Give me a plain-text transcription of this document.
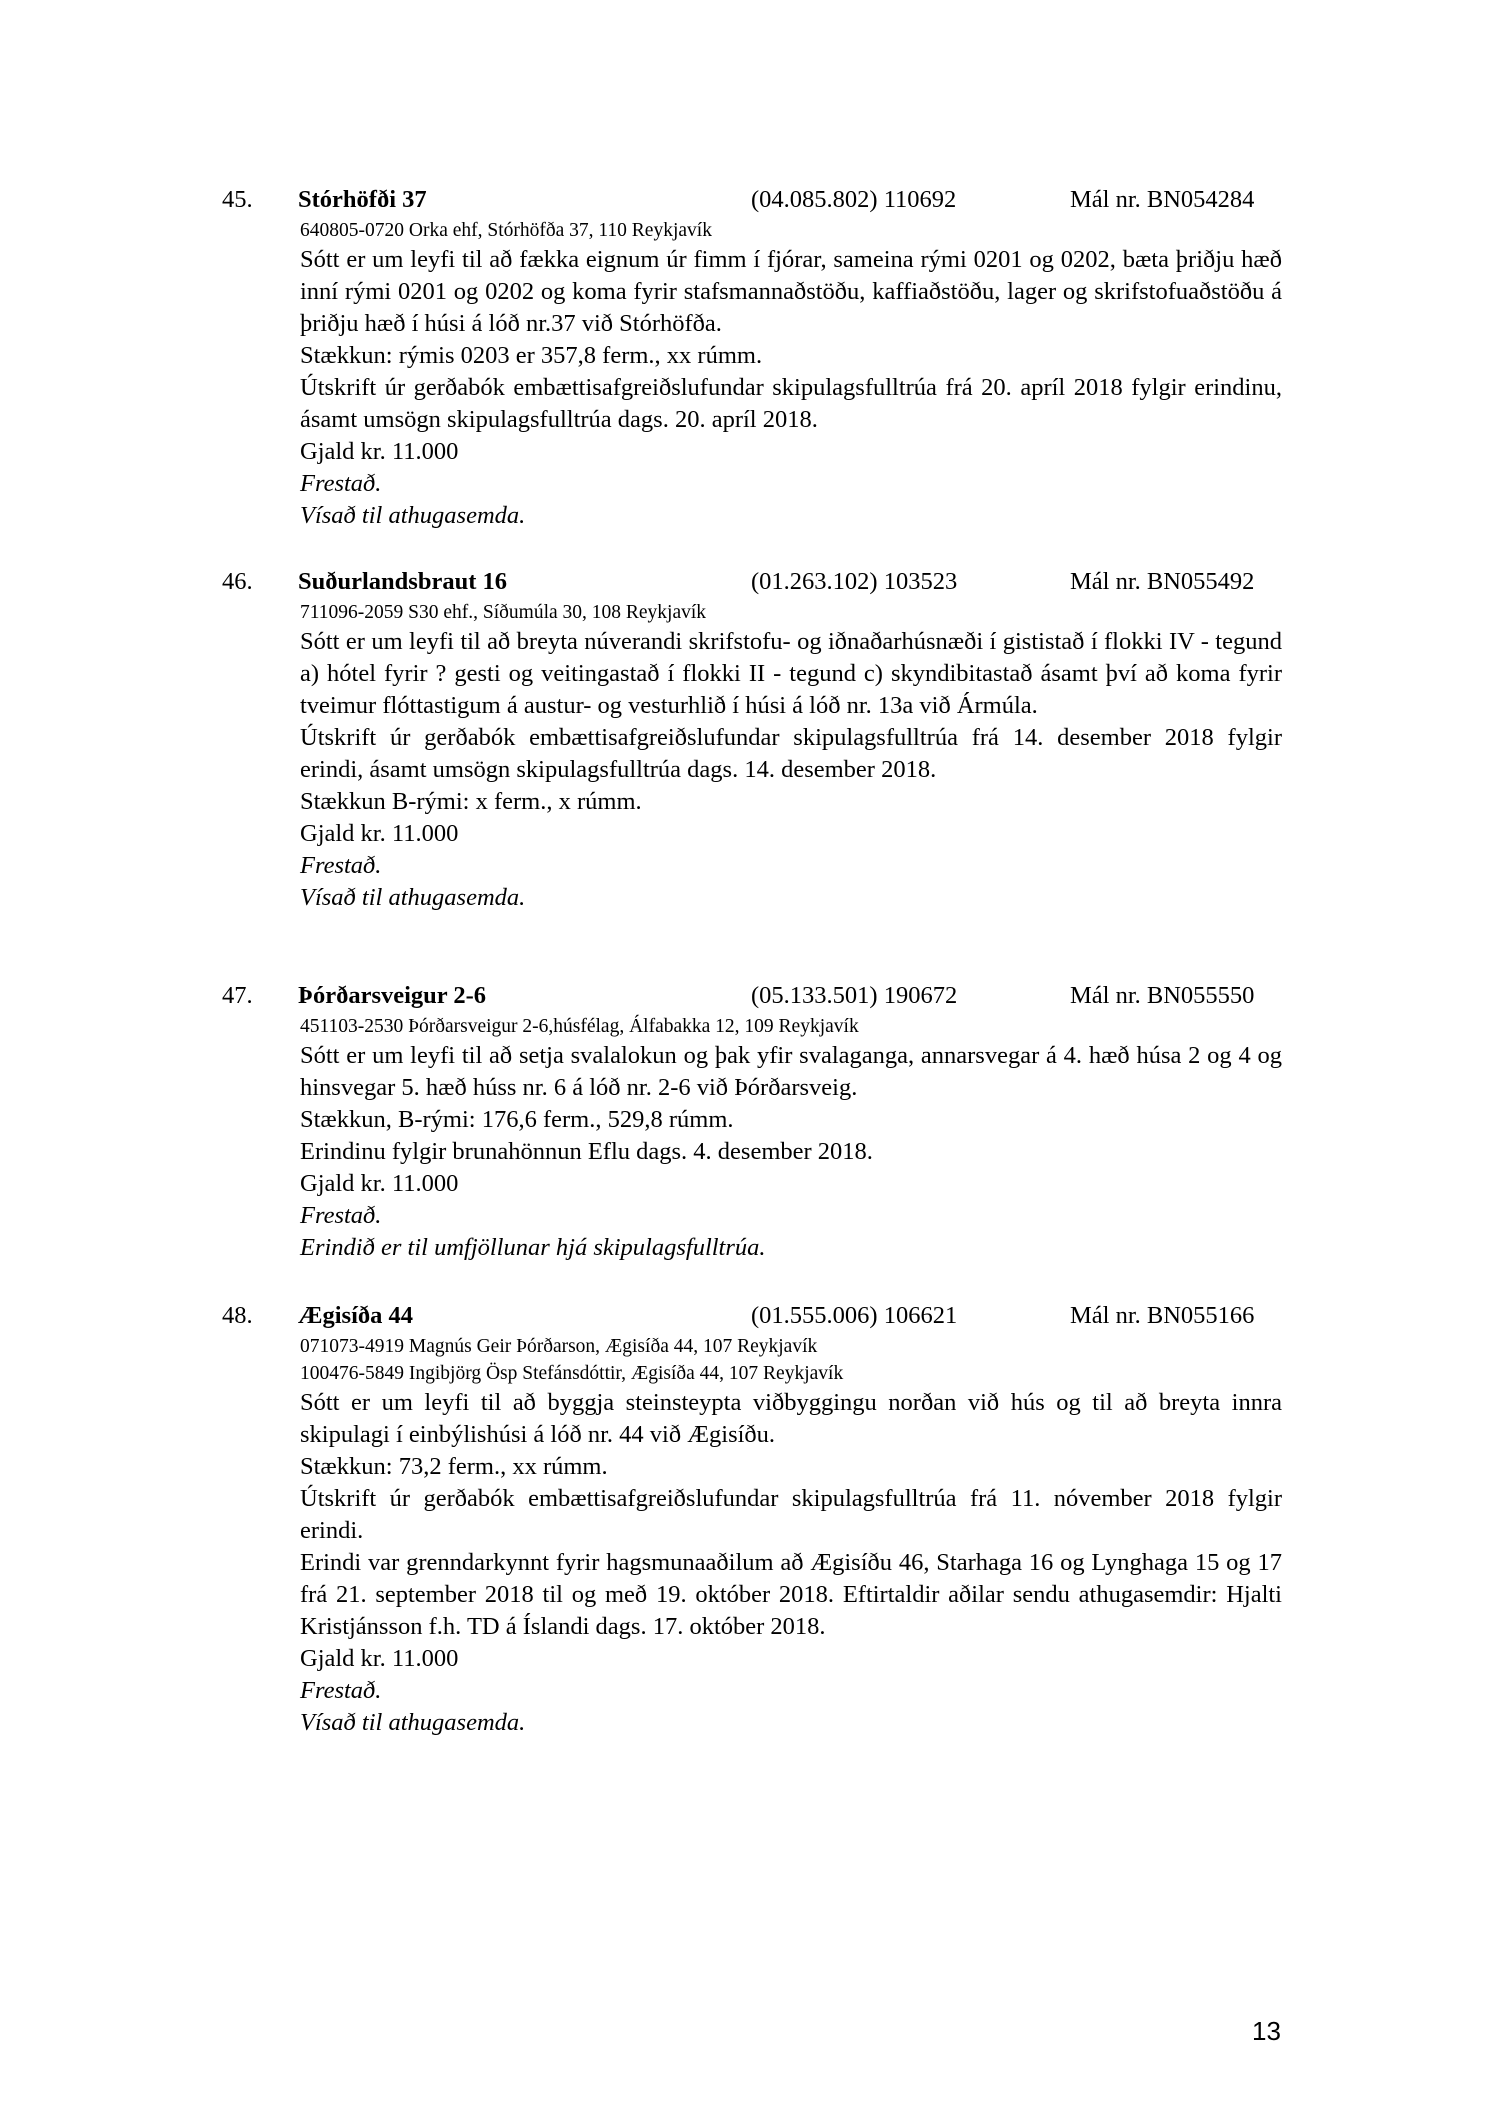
45. Stórhöfði 37	(04.085.802) 110692	Mál nr. BN054284
640805-0720 Orka ehf, Stórhöfða 37, 110 Reykjavík
Sótt er um leyfi til að fækka eignum úr fimm í fjórar, sameina rými 0201 og 0202, bæta þriðju hæð inní rými 0201 og 0202 og koma fyrir stafsmannaðstöðu, kaffiaðstöðu, lager og skrifstofuaðstöðu á þriðju hæð í húsi á lóð nr.37 við Stórhöfða.
Stækkun: rýmis 0203 er 357,8 ferm., xx rúmm.
Útskrift úr gerðabók embættisafgreiðslufundar skipulagsfulltrúa frá 20. apríl 2018 fylgir erindinu, ásamt umsögn skipulagsfulltrúa dags. 20. apríl 2018.
Gjald kr. 11.000
Frestað.
Vísað til athugasemda.
46. Suðurlandsbraut 16	(01.263.102) 103523	Mál nr. BN055492
711096-2059 S30 ehf., Síðumúla 30, 108 Reykjavík
Sótt er um leyfi til að breyta núverandi skrifstofu- og iðnaðarhúsnæði í gististað í flokki IV - tegund a) hótel fyrir ? gesti og veitingastað í flokki II - tegund c) skyndibitastað ásamt því að koma fyrir tveimur flóttastigum á austur- og vesturhlið í húsi á lóð nr. 13a við Ármúla.
Útskrift úr gerðabók embættisafgreiðslufundar skipulagsfulltrúa frá 14. desember 2018 fylgir erindi, ásamt umsögn skipulagsfulltrúa dags. 14. desember 2018.
Stækkun B-rými: x ferm., x rúmm.
Gjald kr. 11.000
Frestað.
Vísað til athugasemda.
47. Þórðarsveigur 2-6	(05.133.501) 190672	Mál nr. BN055550
451103-2530 Þórðarsveigur 2-6,húsfélag, Álfabakka 12, 109 Reykjavík
Sótt er um leyfi til að setja svalalokun og þak yfir svalaganga, annarsvegar á 4. hæð húsa 2 og 4 og hinsvegar 5. hæð húss nr. 6 á lóð nr. 2-6 við Þórðarsveig.
Stækkun, B-rými: 176,6 ferm., 529,8 rúmm.
Erindinu fylgir brunahönnun Eflu dags. 4. desember 2018.
Gjald kr. 11.000
Frestað.
Erindið er til umfjöllunar hjá skipulagsfulltrúa.
48. Ægisíða 44	(01.555.006) 106621	Mál nr. BN055166
071073-4919 Magnús Geir Þórðarson, Ægisíða 44, 107 Reykjavík
100476-5849 Ingibjörg Ösp Stefánsdóttir, Ægisíða 44, 107 Reykjavík
Sótt er um leyfi til að byggja steinsteypta viðbyggingu norðan við hús og til að breyta innra skipulagi í einbýlishúsi á lóð nr. 44 við Ægisíðu.
Stækkun: 73,2 ferm., xx rúmm.
Útskrift úr gerðabók embættisafgreiðslufundar skipulagsfulltrúa frá 11. nóvember 2018 fylgir erindi.
Erindi var grenndarkynnt fyrir hagsmunaaðilum að Ægisíðu 46, Starhaga 16 og Lynghaga 15 og 17 frá 21. september 2018 til og með 19. október 2018. Eftirtaldir aðilar sendu athugasemdir: Hjalti Kristjánsson f.h. TD á Íslandi dags. 17. október 2018.
Gjald kr. 11.000
Frestað.
Vísað til athugasemda.
13
